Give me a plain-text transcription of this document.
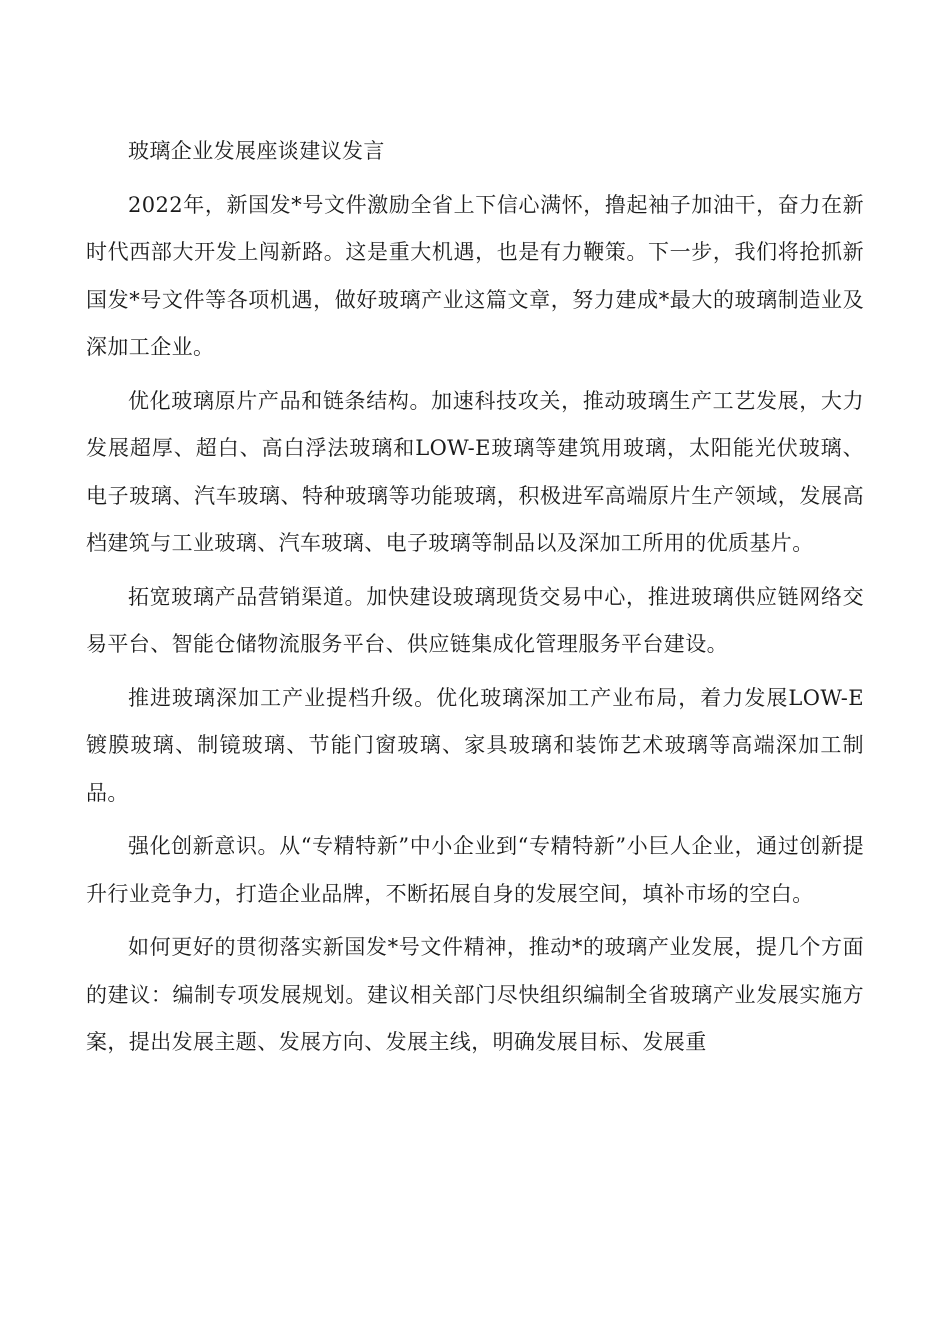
玻璃企业发展座谈建议发言

2022年，新国发*号文件激励全省上下信心满怀，撸起袖子加油干，奋力在新时代西部大开发上闯新路。这是重大机遇，也是有力鞭策。下一步，我们将抢抓新国发*号文件等各项机遇，做好玻璃产业这篇文章，努力建成*最大的玻璃制造业及深加工企业。

优化玻璃原片产品和链条结构。加速科技攻关，推动玻璃生产工艺发展，大力发展超厚、超白、高白浮法玻璃和LOW-E玻璃等建筑用玻璃，太阳能光伏玻璃、电子玻璃、汽车玻璃、特种玻璃等功能玻璃，积极进军高端原片生产领域，发展高档建筑与工业玻璃、汽车玻璃、电子玻璃等制品以及深加工所用的优质基片。

拓宽玻璃产品营销渠道。加快建设玻璃现货交易中心，推进玻璃供应链网络交易平台、智能仓储物流服务平台、供应链集成化管理服务平台建设。

推进玻璃深加工产业提档升级。优化玻璃深加工产业布局，着力发展LOW-E镀膜玻璃、制镜玻璃、节能门窗玻璃、家具玻璃和装饰艺术玻璃等高端深加工制品。

强化创新意识。从“专精特新”中小企业到“专精特新”小巨人企业，通过创新提升行业竞争力，打造企业品牌，不断拓展自身的发展空间，填补市场的空白。

如何更好的贯彻落实新国发*号文件精神，推动*的玻璃产业发展，提几个方面的建议：编制专项发展规划。建议相关部门尽快组织编制全省玻璃产业发展实施方案，提出发展主题、发展方向、发展主线，明确发展目标、发展重
